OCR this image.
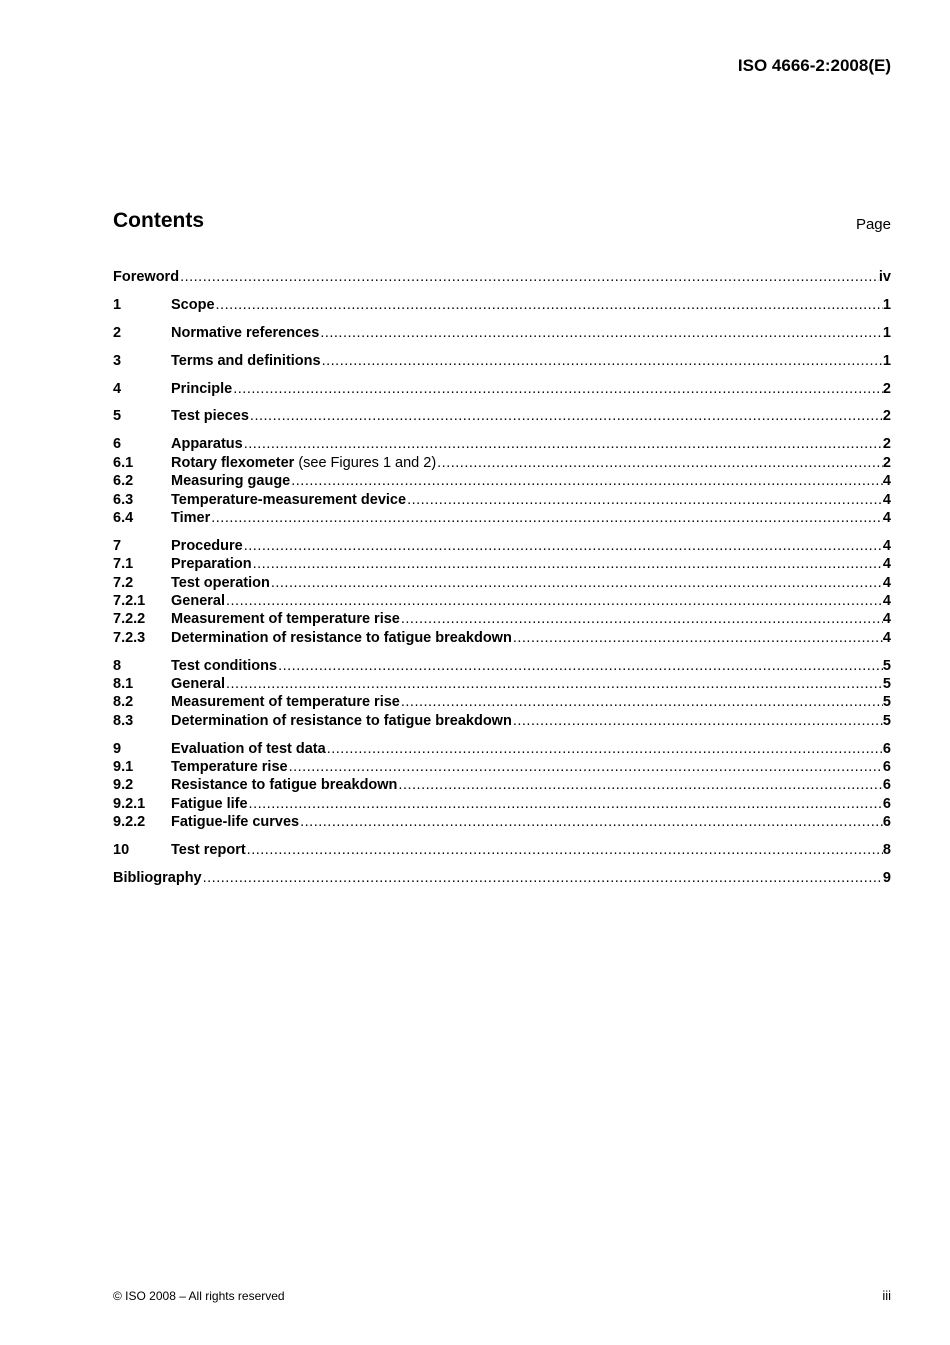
ISO 4666-2:2008(E)
Contents	Page
Foreword .....	iv
1	Scope .....	1
2	Normative references .....	1
3	Terms and definitions .....	1
4	Principle .....	2
5	Test pieces .....	2
6	Apparatus .....	2
6.1	Rotary flexometer (see Figures 1 and 2) .....	2
6.2	Measuring gauge .....	4
6.3	Temperature-measurement device .....	4
6.4	Timer .....	4
7	Procedure .....	4
7.1	Preparation .....	4
7.2	Test operation .....	4
7.2.1	General .....	4
7.2.2	Measurement of temperature rise .....	4
7.2.3	Determination of resistance to fatigue breakdown .....	4
8	Test conditions .....	5
8.1	General .....	5
8.2	Measurement of temperature rise .....	5
8.3	Determination of resistance to fatigue breakdown .....	5
9	Evaluation of test data .....	6
9.1	Temperature rise .....	6
9.2	Resistance to fatigue breakdown .....	6
9.2.1	Fatigue life .....	6
9.2.2	Fatigue-life curves .....	6
10	Test report .....	8
Bibliography .....	9
© ISO 2008 – All rights reserved	iii
